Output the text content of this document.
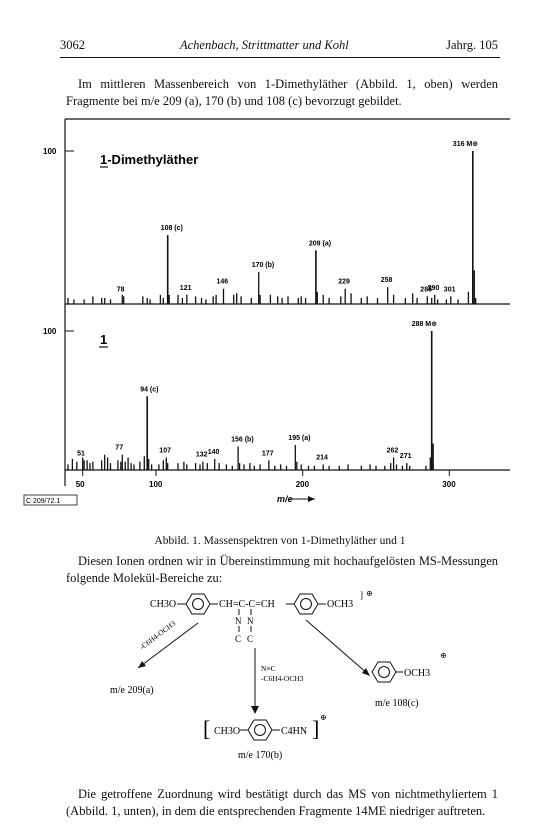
3062	Achenbach, Strittmatter und Kohl	Jahrg. 105
Im mittleren Massenbereich von 1-Dimethyläther (Abbild. 1, oben) werden Fragmente bei m/e 209 (a), 170 (b) und 108 (c) bevorzugt gebildet.
316 M⊕
209 (a)
170 (b)
108 (c)
78	121
146	229	258
285
290 301
288 M⊕
94 (c)
195 (a)
156 (b)
262
271
51
77	107
132 140	177
214
100
100
1-Dimethyläther
1
50	100	200	300
m/e
C 209/72.1
Abbild. 1. Massenspektren von 1-Dimethyläther und 1
Diesen Ionen ordnen wir in Übereinstimmung mit hochaufgelösten MS-Messungen folgende Molekül-Bereiche zu:
CH3O	CH=C-C=CH	OCH3
] ⊕
N N
C C
-C6H4-OCH3
N≡C
-C6H4-OCH3
m/e 209(a)
OCH3
⊕
m/e 108(c)
[ CH3O	C4HN ] ⊕
m/e 170(b)
Die getroffene Zuordnung wird bestätigt durch das MS von nichtmethyliertem 1 (Abbild. 1, unten), in dem die entsprechenden Fragmente 14ME niedriger auftreten.
